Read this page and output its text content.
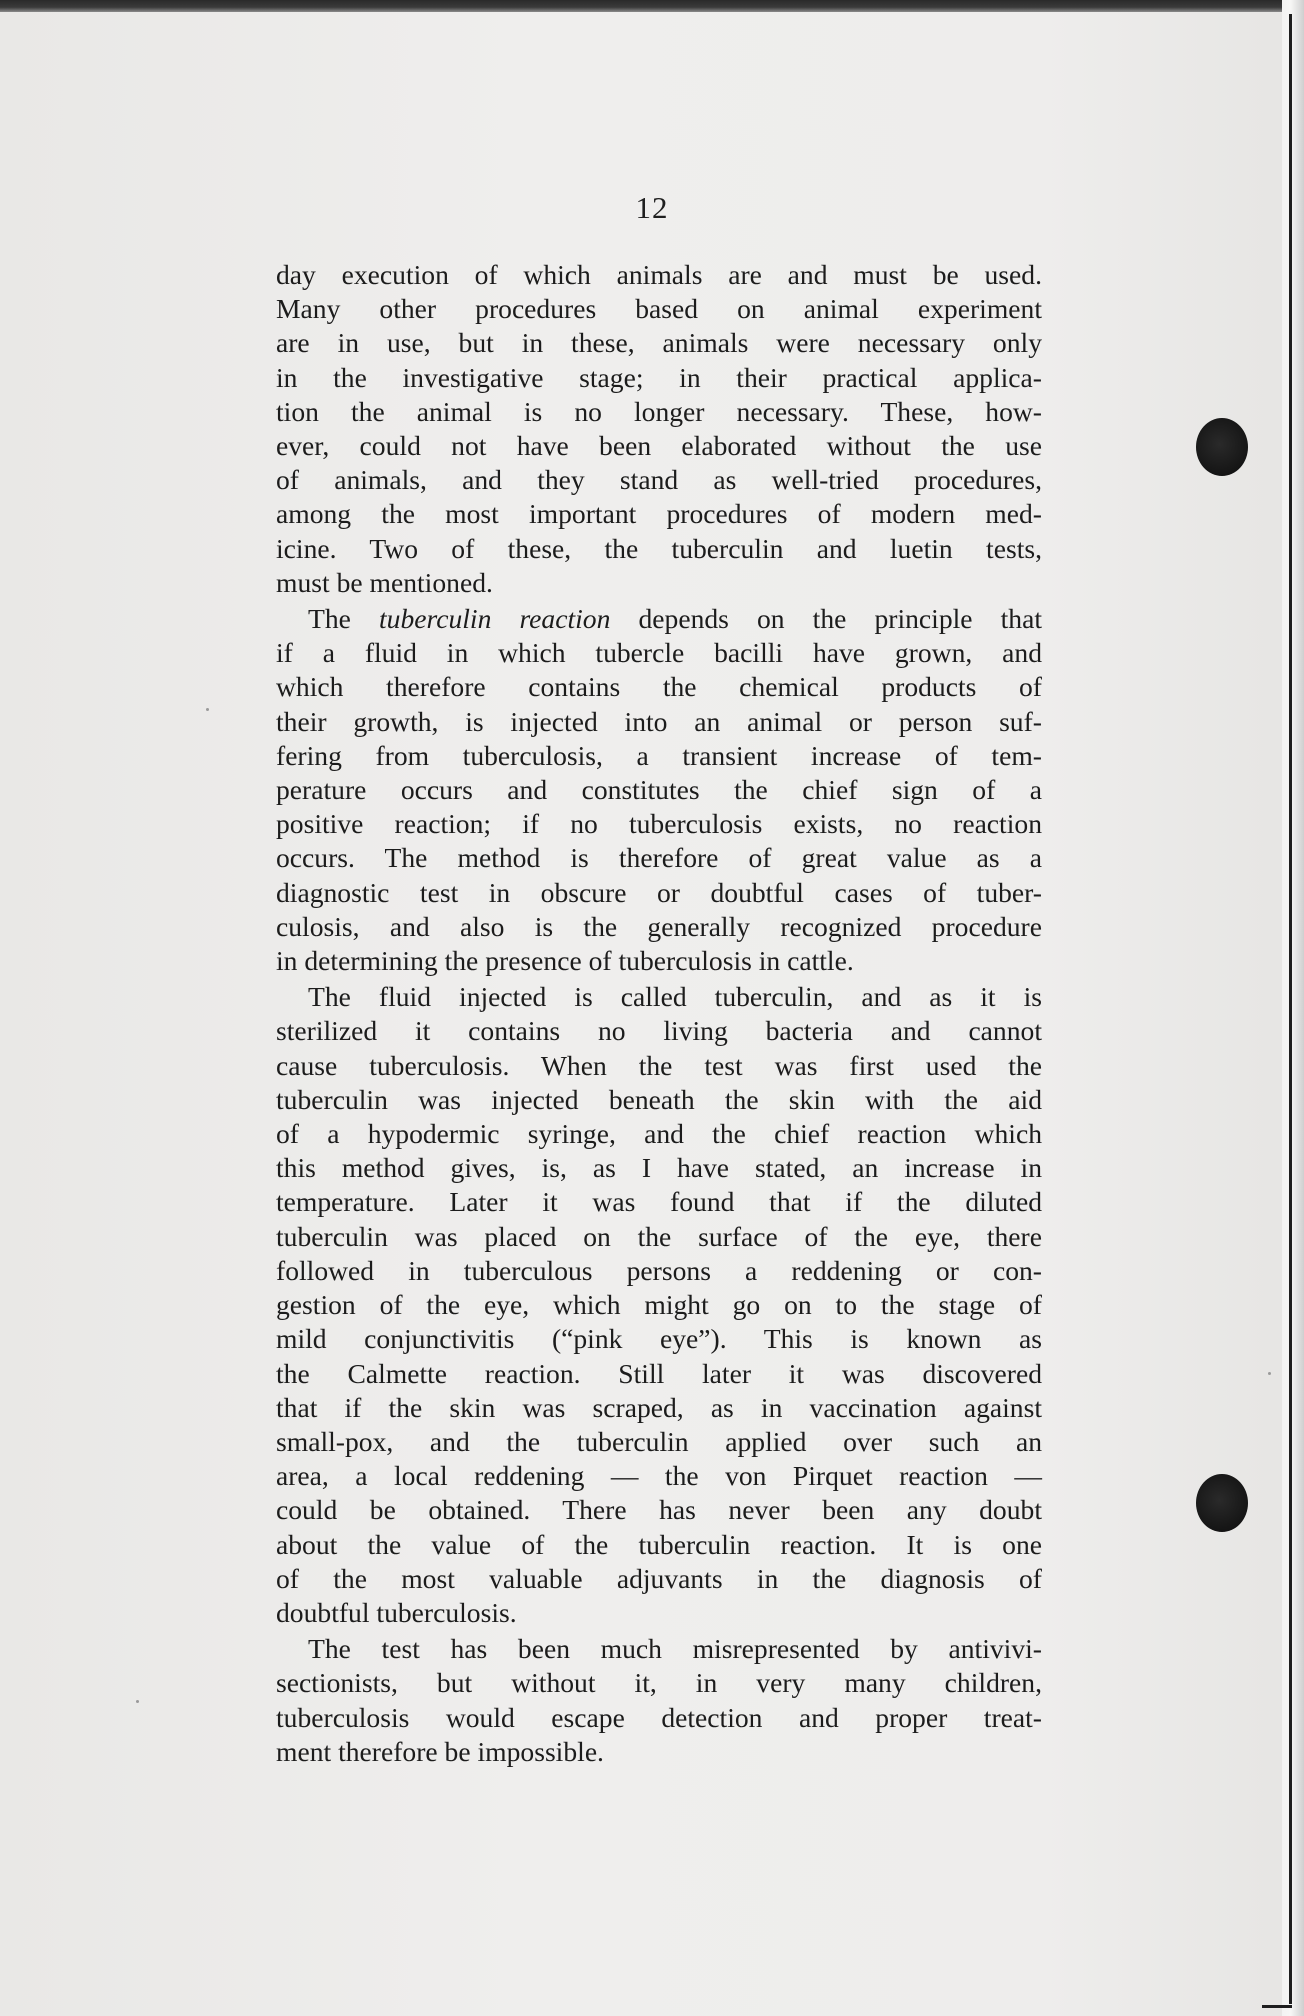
12
day execution of which animals are and must be used.
Many other procedures based on animal experiment
are in use, but in these, animals were necessary only
in the investigative stage; in their practical applica-
tion the animal is no longer necessary. These, how-
ever, could not have been elaborated without the use
of animals, and they stand as well-tried procedures,
among the most important procedures of modern med-
icine. Two of these, the tuberculin and luetin tests,
must be mentioned.
The tuberculin reaction depends on the principle that
if a fluid in which tubercle bacilli have grown, and
which therefore contains the chemical products of
their growth, is injected into an animal or person suf-
fering from tuberculosis, a transient increase of tem-
perature occurs and constitutes the chief sign of a
positive reaction; if no tuberculosis exists, no reaction
occurs. The method is therefore of great value as a
diagnostic test in obscure or doubtful cases of tuber-
culosis, and also is the generally recognized procedure
in determining the presence of tuberculosis in cattle.
The fluid injected is called tuberculin, and as it is
sterilized it contains no living bacteria and cannot
cause tuberculosis. When the test was first used the
tuberculin was injected beneath the skin with the aid
of a hypodermic syringe, and the chief reaction which
this method gives, is, as I have stated, an increase in
temperature. Later it was found that if the diluted
tuberculin was placed on the surface of the eye, there
followed in tuberculous persons a reddening or con-
gestion of the eye, which might go on to the stage of
mild conjunctivitis (“pink eye”). This is known as
the Calmette reaction. Still later it was discovered
that if the skin was scraped, as in vaccination against
small-pox, and the tuberculin applied over such an
area, a local reddening — the von Pirquet reaction —
could be obtained. There has never been any doubt
about the value of the tuberculin reaction. It is one
of the most valuable adjuvants in the diagnosis of
doubtful tuberculosis.
The test has been much misrepresented by antivivi-
sectionists, but without it, in very many children,
tuberculosis would escape detection and proper treat-
ment therefore be impossible.
